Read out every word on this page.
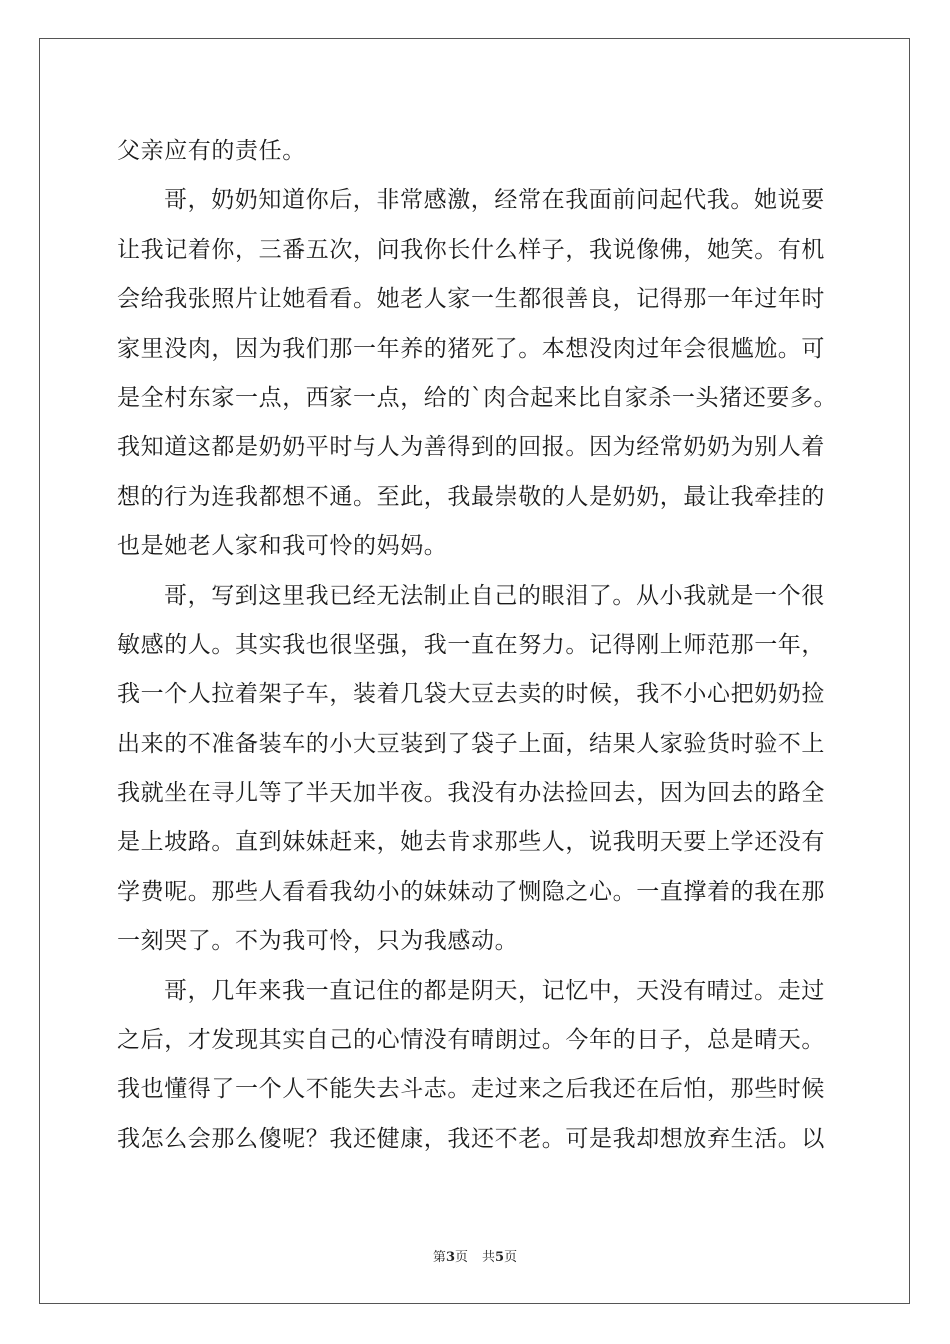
父亲应有的责任。
哥，奶奶知道你后，非常感激，经常在我面前问起代我。她说要
让我记着你，三番五次，问我你长什么样子，我说像佛，她笑。有机
会给我张照片让她看看。她老人家一生都很善良，记得那一年过年时
家里没肉，因为我们那一年养的猪死了。本想没肉过年会很尴尬。可
是全村东家一点，西家一点，给的`肉合起来比自家杀一头猪还要多。
我知道这都是奶奶平时与人为善得到的回报。因为经常奶奶为别人着
想的行为连我都想不通。至此，我最崇敬的人是奶奶，最让我牵挂的
也是她老人家和我可怜的妈妈。
哥，写到这里我已经无法制止自己的眼泪了。从小我就是一个很
敏感的人。其实我也很坚强，我一直在努力。记得刚上师范那一年，
我一个人拉着架子车，装着几袋大豆去卖的时候，我不小心把奶奶捡
出来的不准备装车的小大豆装到了袋子上面，结果人家验货时验不上
我就坐在寻儿等了半天加半夜。我没有办法捡回去，因为回去的路全
是上坡路。直到妹妹赶来，她去肯求那些人，说我明天要上学还没有
学费呢。那些人看看我幼小的妹妹动了恻隐之心。一直撑着的我在那
一刻哭了。不为我可怜，只为我感动。
哥，几年来我一直记住的都是阴天，记忆中，天没有晴过。走过
之后，才发现其实自己的心情没有晴朗过。今年的日子，总是晴天。
我也懂得了一个人不能失去斗志。走过来之后我还在后怕，那些时候
我怎么会那么傻呢？我还健康，我还不老。可是我却想放弃生活。以
第3页 共5页
